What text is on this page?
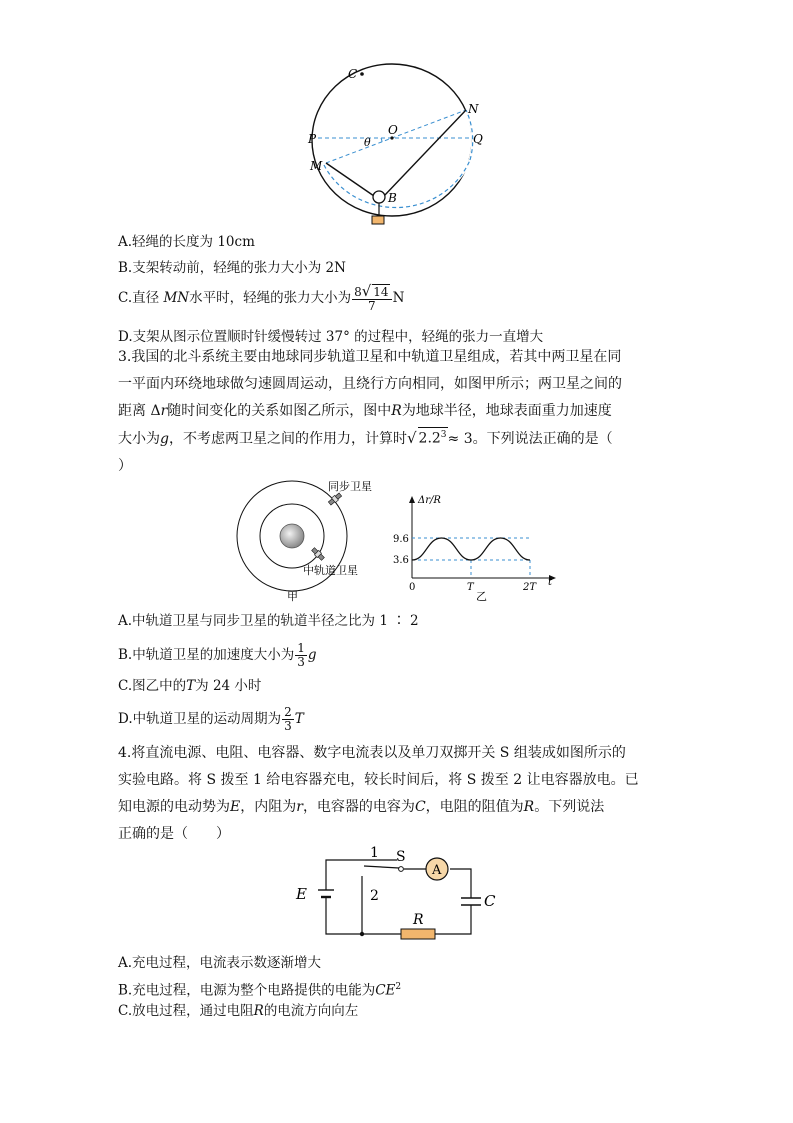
C
N
P
O
θ	Q
M
B
A.轻绳的长度为 10cm
B.支架转动前，轻绳的张力大小为 2N
C.直径 MN水平时，轻绳的张力大小为 $\frac{8√ 14}{7}$ N
D.支架从图示位置顺时针缓慢转过 37° 的过程中，轻绳的张力一直增大
3.我国的北斗系统主要由地球同步轨道卫星和中轨道卫星组成，若其中两卫星在同
一平面内环绕地球做匀速圆周运动，且绕行方向相同，如图甲所示；两卫星之间的
距离 Δr随时间变化的关系如图乙所示，图中R为地球半径，地球表面重力加速度
大小为g，不考虑两卫星之间的作用力，计算时√ $2.2^3\approx 3$。下列说法正确的是（
）
同步卫星
中轨道卫星
甲
Δr/R
9.6
3.6
0	T	2T t
乙
A.中轨道卫星与同步卫星的轨道半径之比为 1 ∶ 2
B.中轨道卫星的加速度大小为 $\frac{1}{3}$ g
C.图乙中的T为 24 小时
D.中轨道卫星的运动周期为 $\frac{2}{3}$ T
4.将直流电源、电阻、电容器、数字电流表以及单刀双掷开关 S 组装成如图所示的
实验电路。将 S 拨至 1 给电容器充电，较长时间后，将 S 拨至 2 让电容器放电。已
知电源的电动势为E，内阻为r，电容器的电容为C，电阻的阻值为R。下列说法
正确的是（　　）
E
1 S
A
2	C
R
A.充电过程，电流表示数逐渐增大
B.充电过程，电源为整个电路提供的电能为$CE^2$
C.放电过程，通过电阻R的电流方向向左
